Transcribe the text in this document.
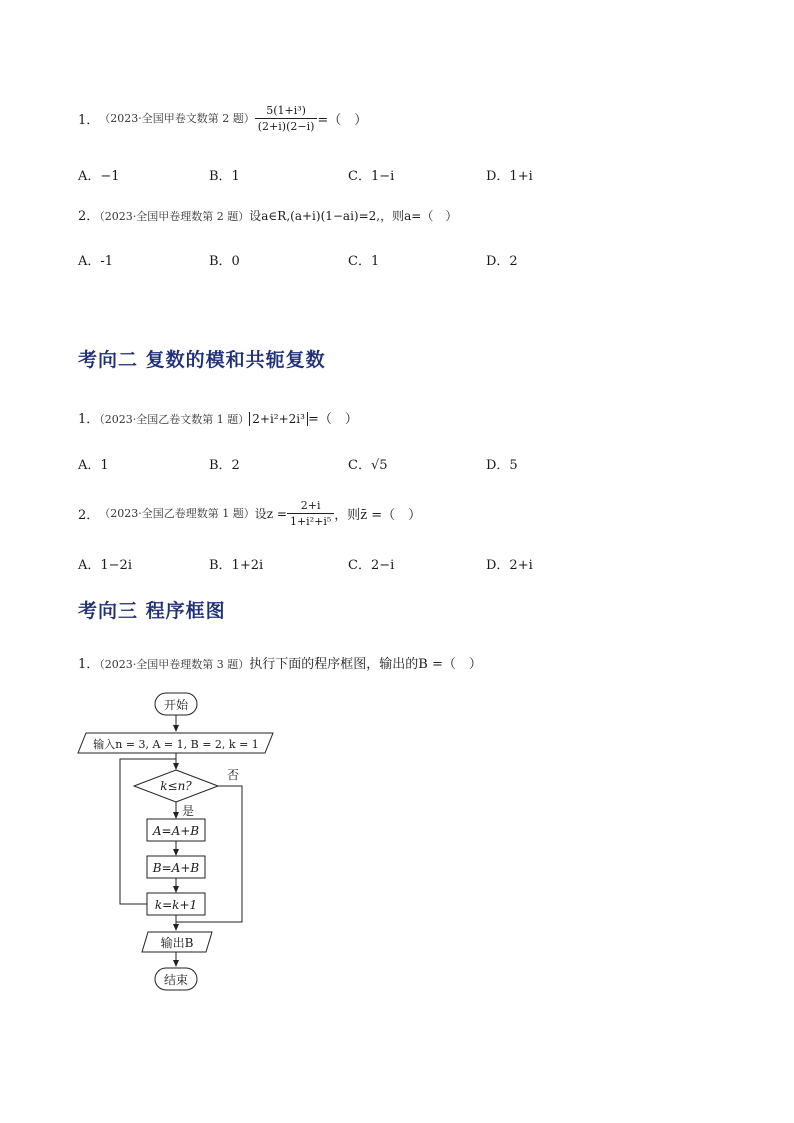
1． （2023·全国甲卷文数第 2 题） $\frac{\text{5(1+i³)}}{(2+i)(2-i)}$ =（　）
A．−1	B．1	C．1−i	D．1+i
2．（2023·全国甲卷理数第 2 题）设a∈R,(a+i)(1−ai)=2,，则a=（　）
A．-1	B．0	C．1	D．2
考向二 复数的模和共轭复数
1．（2023·全国乙卷文数第 1 题） 2+i²+2i³ =（　）
A．1	B．2	C．√5	D．5
2． （2023·全国乙卷理数第 1 题） 设$z = \frac{2+i}{\text{1+i²+i⁵}}$ ，则z̄ =（　）
A．1−2i	B．1+2i	C．2−i	D．2+i
考向三 程序框图
1．（2023·全国甲卷理数第 3 题）执行下面的程序框图，输出的B =（　）
开始
输入n = 3, A = 1, B = 2, k = 1
k≤n?
否
是
A=A+B
B=A+B
k=k+1
输出B
结束
